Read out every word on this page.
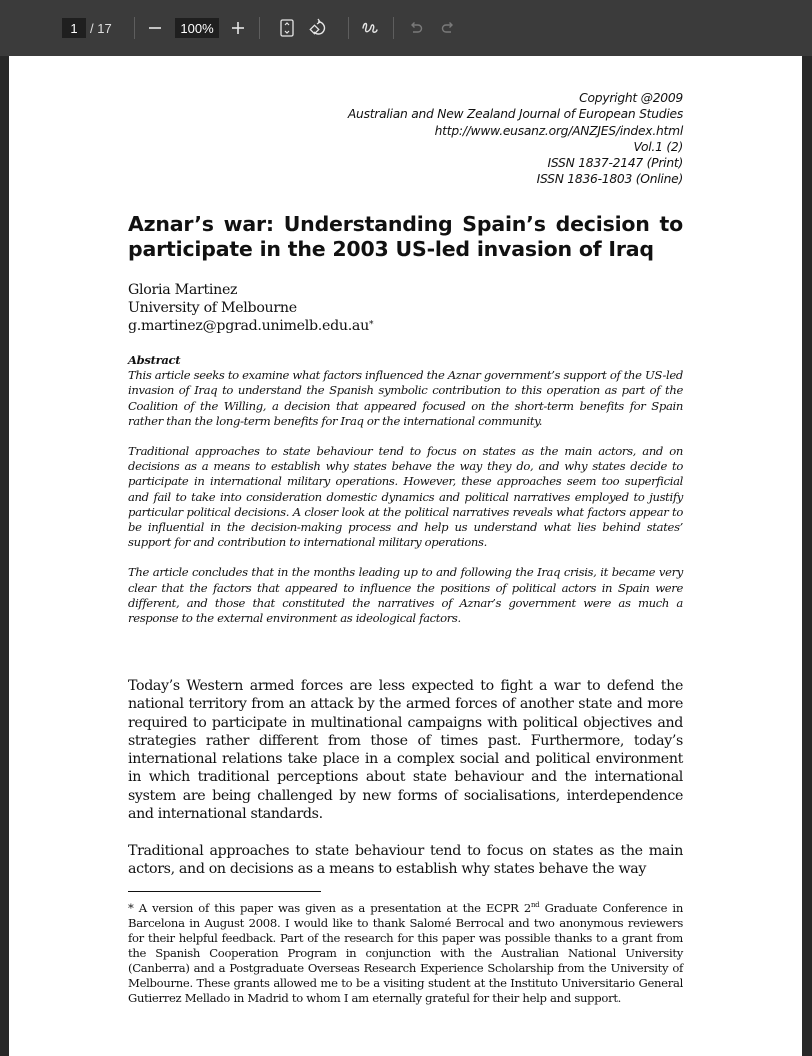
1 / 17	100%
Copyright @2009
Australian and New Zealand Journal of European Studies
http://www.eusanz.org/ANZJES/index.html
Vol.1 (2)
ISSN 1837-2147 (Print)
ISSN 1836-1803 (Online)
Aznar’s war: Understanding Spain’s decision to participate in the 2003 US-led invasion of Iraq
Gloria Martinez
University of Melbourne
g.martinez@pgrad.unimelb.edu.au*
Abstract

This article seeks to examine what factors influenced the Aznar government’s support of the US-led invasion of Iraq to understand the Spanish symbolic contribution to this operation as part of the Coalition of the Willing, a decision that appeared focused on the short-term benefits for Spain rather than the long-term benefits for Iraq or the international community.

Traditional approaches to state behaviour tend to focus on states as the main actors, and on decisions as a means to establish why states behave the way they do, and why states decide to participate in international military operations. However, these approaches seem too superficial and fail to take into consideration domestic dynamics and political narratives employed to justify particular political decisions. A closer look at the political narratives reveals what factors appear to be influential in the decision-making process and help us understand what lies behind states’ support for and contribution to international military operations.

The article concludes that in the months leading up to and following the Iraq crisis, it became very clear that the factors that appeared to influence the positions of political actors in Spain were different, and those that constituted the narratives of Aznar’s government were as much a response to the external environment as ideological factors.

Today’s Western armed forces are less expected to fight a war to defend the national territory from an attack by the armed forces of another state and more required to participate in multinational campaigns with political objectives and strategies rather different from those of times past. Furthermore, today’s international relations take place in a complex social and political environment in which traditional perceptions about state behaviour and the international system are being challenged by new forms of socialisations, interdependence and international standards.

Traditional approaches to state behaviour tend to focus on states as the main actors, and on decisions as a means to establish why states behave the way

* A version of this paper was given as a presentation at the ECPR 2nd Graduate Conference in Barcelona in August 2008. I would like to thank Salomé Berrocal and two anonymous reviewers for their helpful feedback. Part of the research for this paper was possible thanks to a grant from the Spanish Cooperation Program in conjunction with the Australian National University (Canberra) and a Postgraduate Overseas Research Experience Scholarship from the University of Melbourne. These grants allowed me to be a visiting student at the Instituto Universitario General Gutierrez Mellado in Madrid to whom I am eternally grateful for their help and support.
